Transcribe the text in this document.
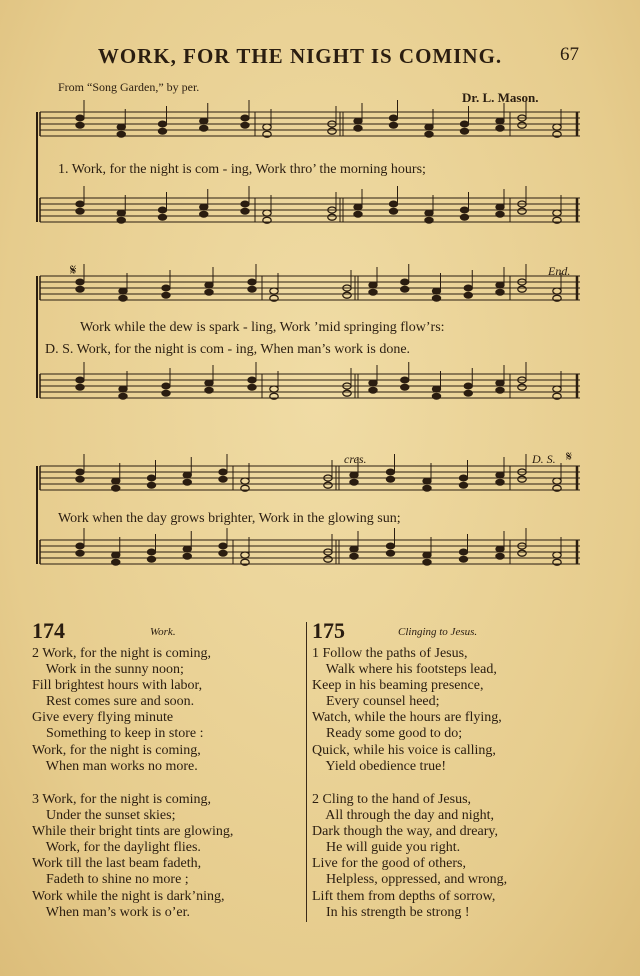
WORK, FOR THE NIGHT IS COMING.	67
From “Song Garden,” by per.
Dr. L. Mason.
1. Work, for the night is com - ing, Work thro’ the morning hours;
Work while the dew is spark - ling, Work ’mid springing flow’rs:
D. S. Work, for the night is com - ing, When man’s work is done.
Work when the day grows brighter, Work in the glowing sun;
𝄋	End.
cres.	D. S. 𝄋
174	Work.
2 Work, for the night is coming,
Work in the sunny noon;
Fill brightest hours with labor,
Rest comes sure and soon.
Give every flying minute
Something to keep in store :
Work, for the night is coming,
When man works no more.
3 Work, for the night is coming,
Under the sunset skies;
While their bright tints are glowing,
Work, for the daylight flies.
Work till the last beam fadeth,
Fadeth to shine no more ;
Work while the night is dark’ning,
When man’s work is o’er.
175	Clinging to Jesus.
1 Follow the paths of Jesus,
Walk where his footsteps lead,
Keep in his beaming presence,
Every counsel heed;
Watch, while the hours are flying,
Ready some good to do;
Quick, while his voice is calling,
Yield obedience true!
2 Cling to the hand of Jesus,
All through the day and night,
Dark though the way, and dreary,
He will guide you right.
Live for the good of others,
Helpless, oppressed, and wrong,
Lift them from depths of sorrow,
In his strength be strong !
